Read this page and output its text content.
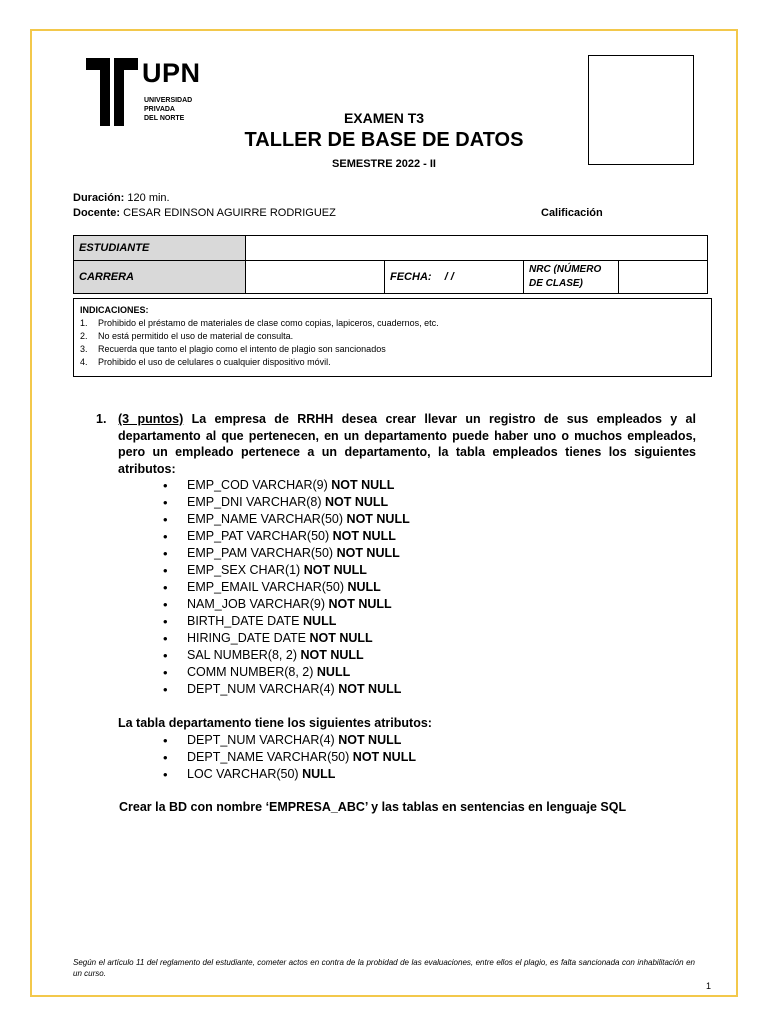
UPN
UNIVERSIDAD
PRIVADA
DEL NORTE	EXAMEN T3
TALLER DE BASE DE DATOS
SEMESTRE 2022 - II
Duración: 120 min.
Docente: CESAR EDINSON AGUIRRE RODRIGUEZ	Calificación
ESTUDIANTE				
CARRERA		FECHA: / /	NRC (NÚMERO DE CLASE)	
INDICACIONES:
1.	Prohibido el préstamo de materiales de clase como copias, lapiceros, cuadernos, etc.
2.	No está permitido el uso de material de consulta.
3.	Recuerda que tanto el plagio como el intento de plagio son sancionados
4.	Prohibido el uso de celulares o cualquier dispositivo móvil.
1. (3 puntos) La empresa de RRHH desea crear llevar un registro de sus empleados y al departamento al que pertenecen, en un departamento puede haber uno o muchos empleados, pero un empleado pertenece a un departamento, la tabla empleados tienes los siguientes atributos:
• EMP_COD VARCHAR(9) NOT NULL
• EMP_DNI VARCHAR(8) NOT NULL
• EMP_NAME VARCHAR(50) NOT NULL
• EMP_PAT VARCHAR(50) NOT NULL
• EMP_PAM VARCHAR(50) NOT NULL
• EMP_SEX CHAR(1) NOT NULL
• EMP_EMAIL VARCHAR(50) NULL
• NAM_JOB VARCHAR(9) NOT NULL
• BIRTH_DATE DATE NULL
• HIRING_DATE DATE NOT NULL
• SAL NUMBER(8, 2) NOT NULL
• COMM NUMBER(8, 2) NULL
• DEPT_NUM VARCHAR(4) NOT NULL
La tabla departamento tiene los siguientes atributos:
• DEPT_NUM VARCHAR(4) NOT NULL
• DEPT_NAME VARCHAR(50) NOT NULL
• LOC VARCHAR(50) NULL
Crear la BD con nombre ‘EMPRESA_ABC’ y las tablas en sentencias en lenguaje SQL
Según el artículo 11 del reglamento del estudiante, cometer actos en contra de la probidad de las evaluaciones, entre ellos el plagio, es falta sancionada con inhabilitación en un curso.
1
